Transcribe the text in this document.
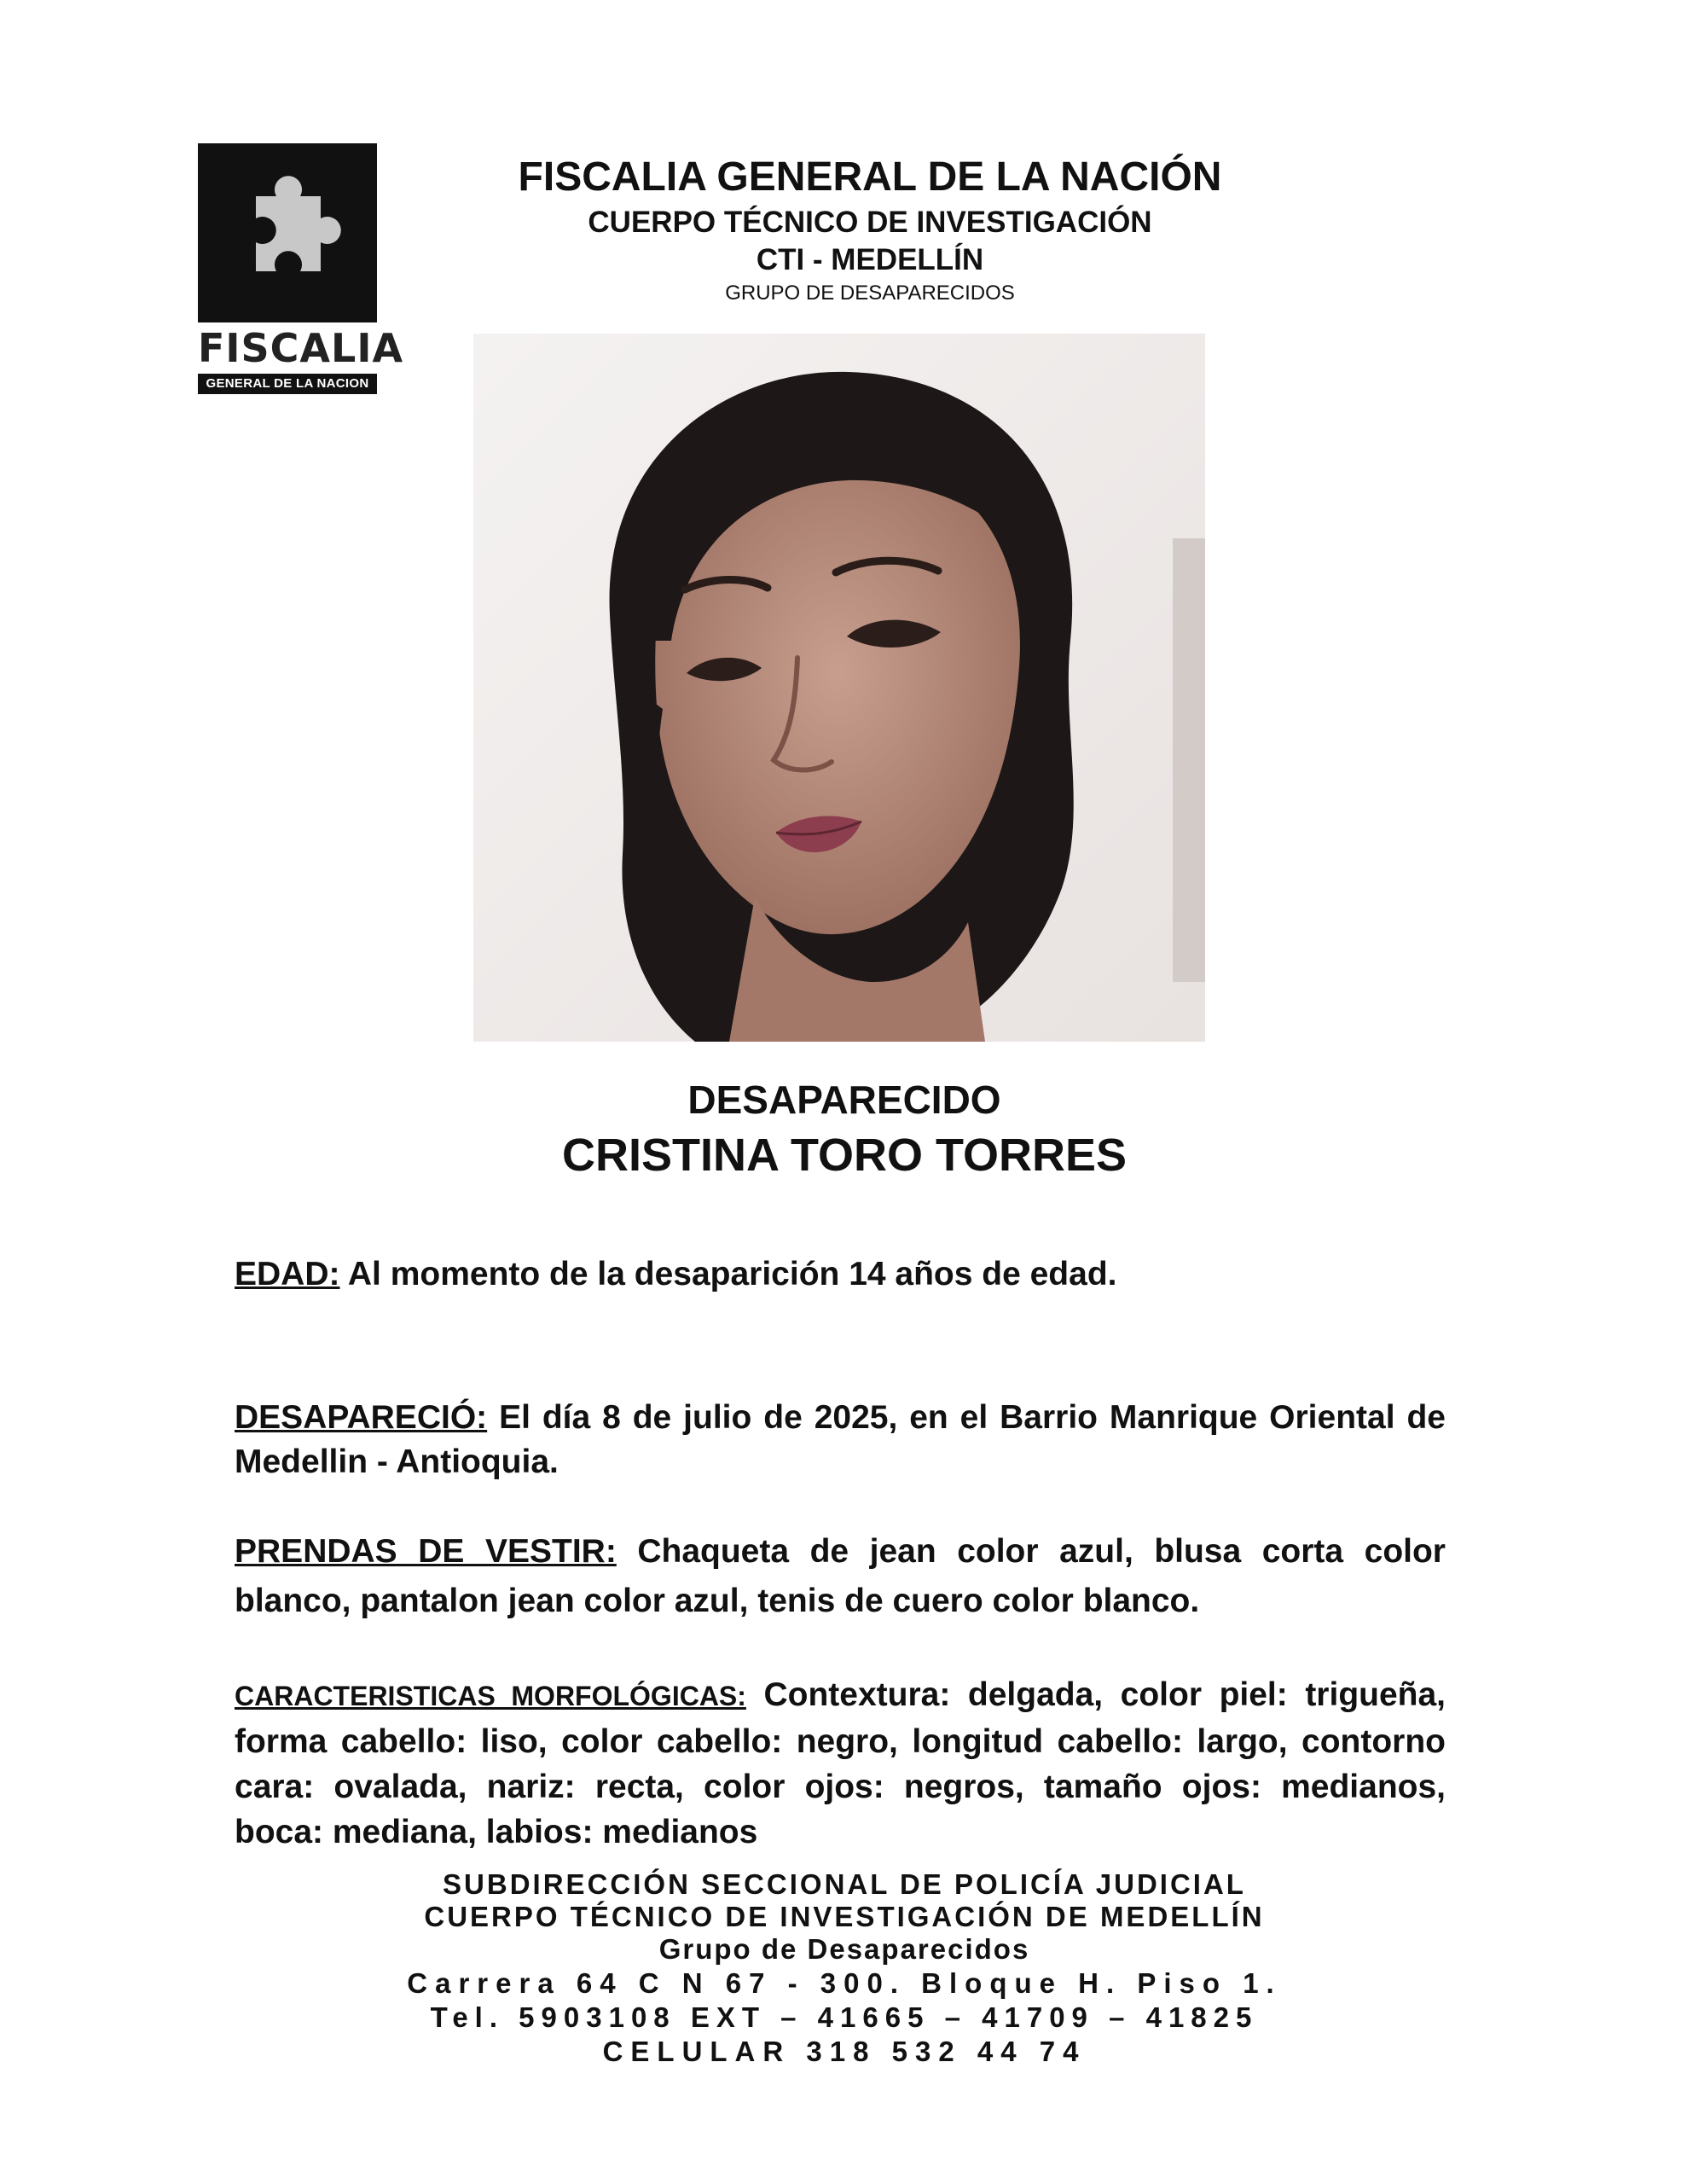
FISCALIA
GENERAL DE LA NACION
FISCALIA GENERAL DE LA NACIÓN
CUERPO TÉCNICO DE INVESTIGACIÓN
CTI - MEDELLÍN
GRUPO DE DESAPARECIDOS
DESAPARECIDO
CRISTINA TORO TORRES
EDAD: Al momento de la desaparición 14 años de edad.
DESAPARECIÓ: El día 8 de julio de 2025, en el Barrio Manrique Oriental de Medellin - Antioquia.
PRENDAS DE VESTIR: Chaqueta de jean color azul, blusa corta color blanco, pantalon jean color azul, tenis de cuero color blanco.
CARACTERISTICAS MORFOLÓGICAS: Contextura: delgada, color piel: trigueña, forma cabello: liso, color cabello: negro, longitud cabello: largo, contorno cara: ovalada, nariz: recta, color ojos: negros, tamaño ojos: medianos, boca: mediana, labios: medianos
SUBDIRECCIÓN SECCIONAL DE POLICÍA JUDICIAL
CUERPO TÉCNICO DE INVESTIGACIÓN DE MEDELLÍN
Grupo de Desaparecidos
Carrera 64 C N 67 - 300. Bloque H. Piso 1.
Tel. 5903108 EXT – 41665 – 41709 – 41825
CELULAR 318 532 44 74
